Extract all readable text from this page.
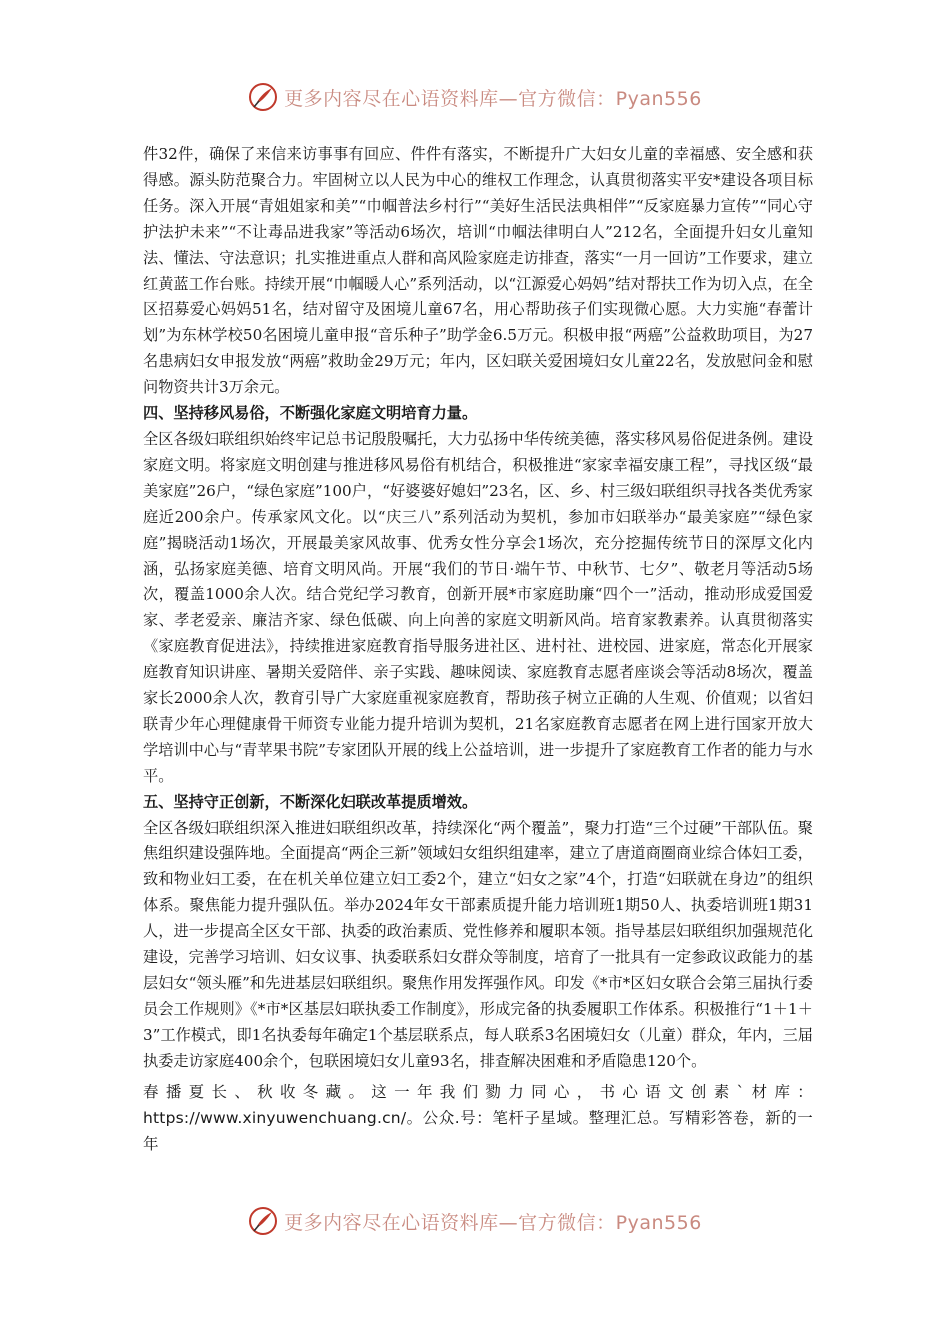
更多内容尽在心语资料库—官方微信：Pyan556

件32件，确保了来信来访事事有回应、件件有落实，不断提升广大妇女儿童的幸福感、安全感和获得感。源头防范聚合力。牢固树立以人民为中心的维权工作理念，认真贯彻落实平安*建设各项目标任务。深入开展“青姐姐家和美”“巾帼普法乡村行”“美好生活民法典相伴”“反家庭暴力宣传”“同心守护法护未来”“不让毒品进我家”等活动6场次，培训“巾帼法律明白人”212名，全面提升妇女儿童知法、懂法、守法意识；扎实推进重点人群和高风险家庭走访排查，落实“一月一回访”工作要求，建立红黄蓝工作台账。持续开展“巾帼暖人心”系列活动，以“江源爱心妈妈”结对帮扶工作为切入点，在全区招募爱心妈妈51名，结对留守及困境儿童67名，用心帮助孩子们实现微心愿。大力实施“春蕾计划”为东林学校50名困境儿童申报“音乐种子”助学金6.5万元。积极申报“两癌”公益救助项目，为27名患病妇女申报发放“两癌”救助金29万元；年内，区妇联关爱困境妇女儿童22名，发放慰问金和慰问物资共计3万余元。

四、坚持移风易俗，不断强化家庭文明培育力量。

全区各级妇联组织始终牢记总书记殷殷嘱托，大力弘扬中华传统美德，落实移风易俗促进条例。建设家庭文明。将家庭文明创建与推进移风易俗有机结合，积极推进“家家幸福安康工程”，寻找区级“最美家庭”26户，“绿色家庭”100户，“好婆婆好媳妇”23名，区、乡、村三级妇联组织寻找各类优秀家庭近200余户。传承家风文化。以“庆三八”系列活动为契机，参加市妇联举办“最美家庭”“绿色家庭”揭晓活动1场次，开展最美家风故事、优秀女性分享会1场次，充分挖掘传统节日的深厚文化内涵，弘扬家庭美德、培育文明风尚。开展“我们的节日·端午节、中秋节、七夕”、敬老月等活动5场次，覆盖1000余人次。结合党纪学习教育，创新开展*市家庭助廉“四个一”活动，推动形成爱国爱家、孝老爱亲、廉洁齐家、绿色低碳、向上向善的家庭文明新风尚。培育家教素养。认真贯彻落实《家庭教育促进法》，持续推进家庭教育指导服务进社区、进村社、进校园、进家庭，常态化开展家庭教育知识讲座、暑期关爱陪伴、亲子实践、趣味阅读、家庭教育志愿者座谈会等活动8场次，覆盖家长2000余人次，教育引导广大家庭重视家庭教育，帮助孩子树立正确的人生观、价值观；以省妇联青少年心理健康骨干师资专业能力提升培训为契机，21名家庭教育志愿者在网上进行国家开放大学培训中心与“青苹果书院”专家团队开展的线上公益培训，进一步提升了家庭教育工作者的能力与水平。

五、坚持守正创新，不断深化妇联改革提质增效。

全区各级妇联组织深入推进妇联组织改革，持续深化“两个覆盖”，聚力打造“三个过硬”干部队伍。聚焦组织建设强阵地。全面提高“两企三新”领域妇女组织组建率，建立了唐道商圈商业综合体妇工委，致和物业妇工委，在在机关单位建立妇工委2个，建立“妇女之家”4个，打造“妇联就在身边”的组织体系。聚焦能力提升强队伍。举办2024年女干部素质提升能力培训班1期50人、执委培训班1期31人，进一步提高全区女干部、执委的政治素质、党性修养和履职本领。指导基层妇联组织加强规范化建设，完善学习培训、妇女议事、执委联系妇女群众等制度，培育了一批具有一定参政议政能力的基层妇女“领头雁”和先进基层妇联组织。聚焦作用发挥强作风。印发《*市*区妇女联合会第三届执行委员会工作规则》《*市*区基层妇联执委工作制度》，形成完备的执委履职工作体系。积极推行“1＋1＋3”工作模式，即1名执委每年确定1个基层联系点，每人联系3名困境妇女（儿童）群众，年内，三届执委走访家庭400余个，包联困境妇女儿童93名，排查解决困难和矛盾隐患120个。

春播夏长、秋收冬藏。这一年我们勠力同心，书心语文创素`材库：https://www.xinyuwenchuang.cn/。公众.号：笔杆子星域。整理汇总。写精彩答卷，新的一年

更多内容尽在心语资料库—官方微信：Pyan556
